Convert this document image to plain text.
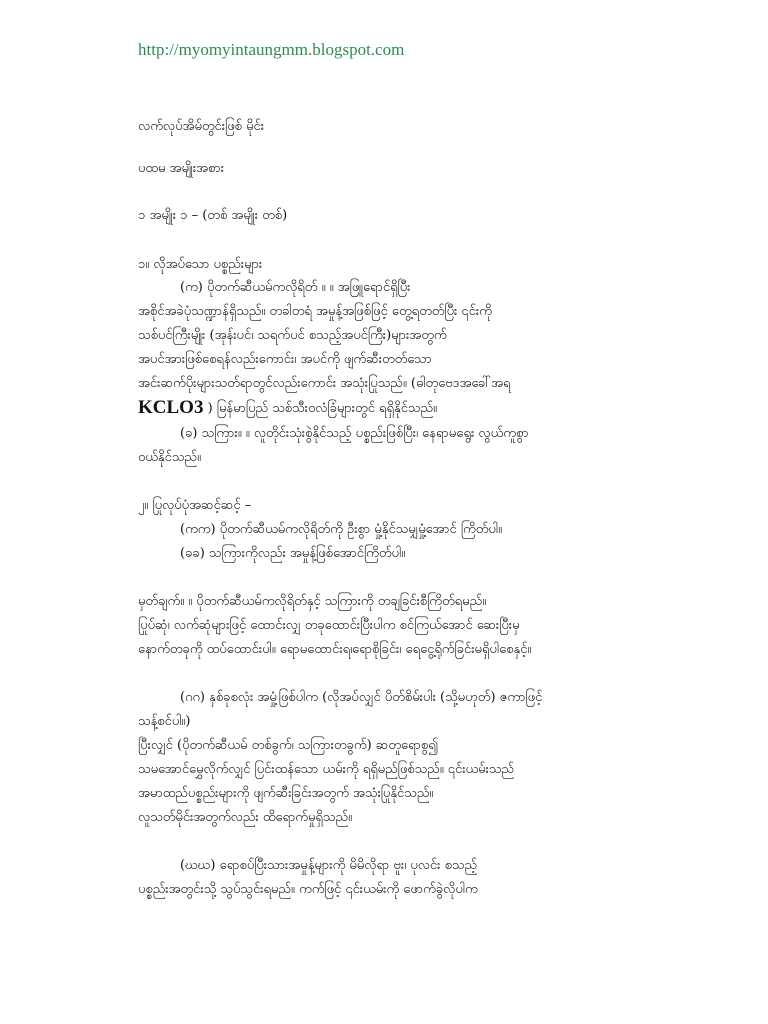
http://myomyintaungmm.blogspot.com
လက်လုပ်အိမ်တွင်းဖြစ် မိုင်း
ပထမ အမျိုးအစား
၁ အမျိုး ၁ – (တစ် အမျိုး တစ်)
၁။ လိုအပ်သော ပစ္စည်းများ
(က) ပိုတက်ဆီယမ်ကလိုရိတ် ။ ။ အဖြူရောင်ရှိပြီး
အစိုင်အခဲပုံသဏ္ဍာန်ရှိသည်။ တခါတရံ အမှုန့်အဖြစ်ဖြင့် တွေ့ရတတ်ပြီး ၎င်းကို
သစ်ပင်ကြီးမျိုး (အုန်းပင်၊ သရက်ပင် စသည့်အပင်ကြီး)များအတွက်
အပင်အားဖြစ်စေရန်လည်းကောင်း၊ အပင်ကို ဖျက်ဆီးတတ်သော
အင်းဆက်ပိုးများသတ်ရာတွင်လည်းကောင်း အသုံးပြုသည်။ (ဓါတုဗေဒအခေါ်အရ
KCLO3 ) မြန်မာပြည် သစ်သီးဝလံခြံများတွင် ရရှိနိုင်သည်။
(ခ) သကြား။ ။ လူတိုင်းသုံးစွဲနိုင်သည့် ပစ္စည်းဖြစ်ပြီး၊ နေရာမရွေး လွယ်ကူစွာ
ဝယ်နိုင်သည်။
၂။ ပြုလုပ်ပုံအဆင့်ဆင့် –
(ကက) ပိုတက်ဆီယမ်ကလိုရိတ်ကို ဦးစွာ မှုံ့နိုင်သမျှမှုံ့အောင် ကြိတ်ပါ။
(ခခ) သကြားကိုလည်း အမှုန့်ဖြစ်အောင်ကြိတ်ပါ။
မှတ်ချက်။ ။ ပိုတက်ဆီယမ်ကလိုရိတ်နှင့် သကြားကို တချခြင်းစီကြိတ်ရမည်။
ပြုပ်ဆုံ၊ လက်ဆုံများဖြင့် ထောင်းလျှ တခုထောင်းပြီးပါက စင်ကြယ်အောင် ဆေးပြီးမှ
နောက်တခုကို ထပ်ထောင်းပါ။ ရောမထောင်းရ၊ရောစိုခြင်း၊ ရေငွေ့ရိုက်ခြင်းမရှိပါစေနှင့်။
(ဂဂ) နှစ်ခုစလုံး အမှုံ့ဖြစ်ပါက (လိုအပ်လျှင် ပိတ်စိမ်းပါး (သို့မဟုတ်) ဇကာဖြင့်
သန့်စင်ပါ။)
ပြီးလျှင် (ပိုတက်ဆီယမ် တစ်ခွက်၊ သကြားတခွက်) ဆတူရောစွ၍
သမအောင်မွှေလိုက်လျှင် ပြင်းထန်သော ယမ်းကို ရရှိမည်ဖြစ်သည်။ ၎င်းယမ်းသည်
အမာထည်ပစ္စည်းများကို ဖျက်ဆီးခြင်းအတွက် အသုံးပြုနိုင်သည်။
လူသတ်မိုင်းအတွက်လည်း ထိရောက်မှုရှိသည်။
(ဃဃ) ရောစပ်ပြီးသားအမှုန့်များကို မိမိလိုရာ ဗူး၊ ပုလင်း စသည့်
ပစ္စည်းအတွင်းသို့ သွပ်သွင်းရမည်။ ကက်ဖြင့် ၎င်းယမ်းကို ဖောက်ခွဲလိုပါက
